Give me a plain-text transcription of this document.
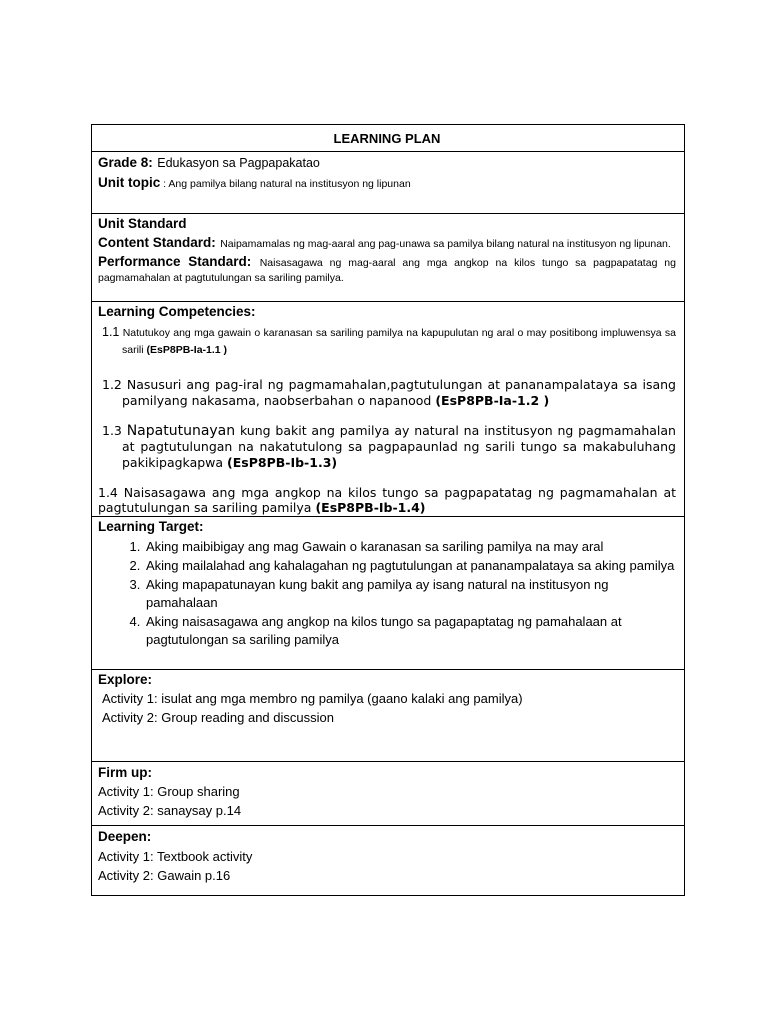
LEARNING PLAN
Grade 8: Edukasyon sa Pagpapakatao
Unit topic : Ang pamilya bilang natural na institusyon ng lipunan
Unit Standard
Content Standard: Naipamamalas ng mag-aaral ang pag-unawa sa pamilya bilang natural na institusyon ng lipunan.
Performance Standard: Naisasagawa ng mag-aaral ang mga angkop na kilos tungo sa pagpapatatag ng pagmamahalan at pagtutulungan sa sariling pamilya.
Learning Competencies:
1.1 Natutukoy ang mga gawain o karanasan sa sariling pamilya na kapupulutan ng aral o may positibong impluwensya sa sarili (EsP8PB-Ia-1.1 )
1.2 Nasusuri ang pag-iral ng pagmamahalan,pagtutulungan at pananampalataya sa isang pamilyang nakasama, naobserbahan o napanood (EsP8PB-Ia-1.2 )
1.3 Napatutunayan kung bakit ang pamilya ay natural na institusyon ng pagmamahalan at pagtutulungan na nakatutulong sa pagpapaunlad ng sarili tungo sa makabuluhang pakikipagkapwa (EsP8PB-Ib-1.3)
1.4 Naisasagawa ang mga angkop na kilos tungo sa pagpapatatag ng pagmamahalan at pagtutulungan sa sariling pamilya (EsP8PB-Ib-1.4)
Learning Target:
1. Aking maibibigay ang mag Gawain o karanasan sa sariling pamilya na may aral
2. Aking mailalahad ang kahalagahan ng pagtutulungan at pananampalataya sa aking pamilya
3. Aking mapapatunayan kung bakit ang pamilya ay isang natural na institusyon ng pamahalaan
4. Aking naisasagawa ang angkop na kilos tungo sa pagapaptatag ng pamahalaan at pagtutulongan sa sariling pamilya
Explore:
Activity 1: isulat ang mga membro ng pamilya (gaano kalaki ang pamilya)
Activity 2: Group reading and discussion
Firm up:
Activity 1: Group sharing
Activity 2: sanaysay p.14
Deepen:
Activity 1: Textbook activity
Activity 2: Gawain p.16
